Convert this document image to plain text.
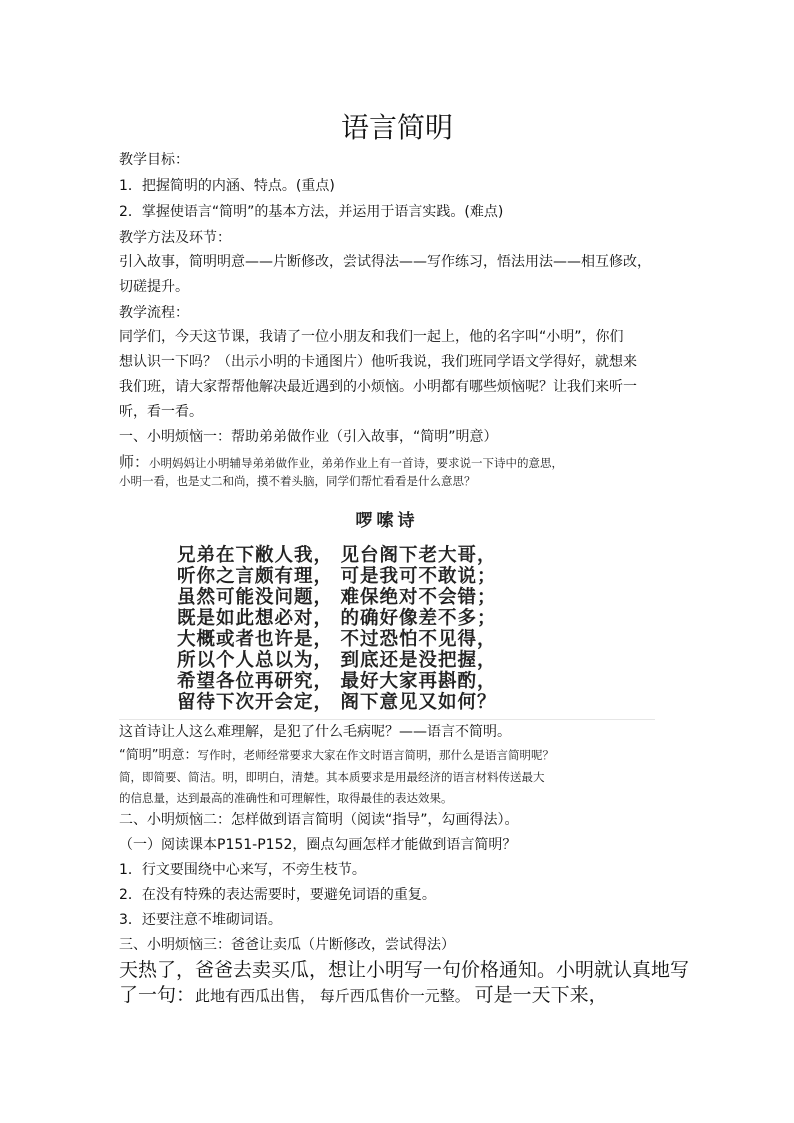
语言简明
教学目标：
1．把握简明的内涵、特点。(重点)
2．掌握使语言“简明”的基本方法，并运用于语言实践。(难点)
教学方法及环节：
引入故事，简明明意——片断修改，尝试得法——写作练习，悟法用法——相互修改，
切磋提升。
教学流程：
同学们，今天这节课，我请了一位小朋友和我们一起上，他的名字叫“小明”，你们
想认识一下吗？（出示小明的卡通图片）他听我说，我们班同学语文学得好，就想来
我们班，请大家帮帮他解决最近遇到的小烦恼。小明都有哪些烦恼呢？让我们来听一
听，看一看。
一、小明烦恼一：帮助弟弟做作业（引入故事，“简明”明意）
师：小明妈妈让小明辅导弟弟做作业，弟弟作业上有一首诗，要求说一下诗中的意思，
小明一看，也是丈二和尚，摸不着头脑，同学们帮忙看看是什么意思？
啰嗦诗
兄弟在下敝人我， 见台阁下老大哥，
听你之言颇有理， 可是我可不敢说；
虽然可能没问题， 难保绝对不会错；
既是如此想必对， 的确好像差不多；
大概或者也许是， 不过恐怕不见得，
所以个人总以为， 到底还是没把握，
希望各位再研究， 最好大家再斟酌，
留待下次开会定， 阁下意见又如何？
这首诗让人这么难理解，是犯了什么毛病呢？——语言不简明。
“简明”明意：写作时，老师经常要求大家在作文时语言简明，那什么是语言简明呢？
简，即简要、简洁。明，即明白，清楚。其本质要求是用最经济的语言材料传送最大
的信息量，达到最高的准确性和可理解性，取得最佳的表达效果。
二、小明烦恼二：怎样做到语言简明（阅读“指导”，勾画得法）。
（一）阅读课本P151-P152，圈点勾画怎样才能做到语言简明？
1．行文要围绕中心来写，不旁生枝节。
2．在没有特殊的表达需要时，要避免词语的重复。
3．还要注意不堆砌词语。
三、小明烦恼三：爸爸让卖瓜（片断修改，尝试得法）
天热了，爸爸去卖买瓜，想让小明写一句价格通知。小明就认真地写
了一句：此地有西瓜出售， 每斤西瓜售价一元整。 可是一天下来，
